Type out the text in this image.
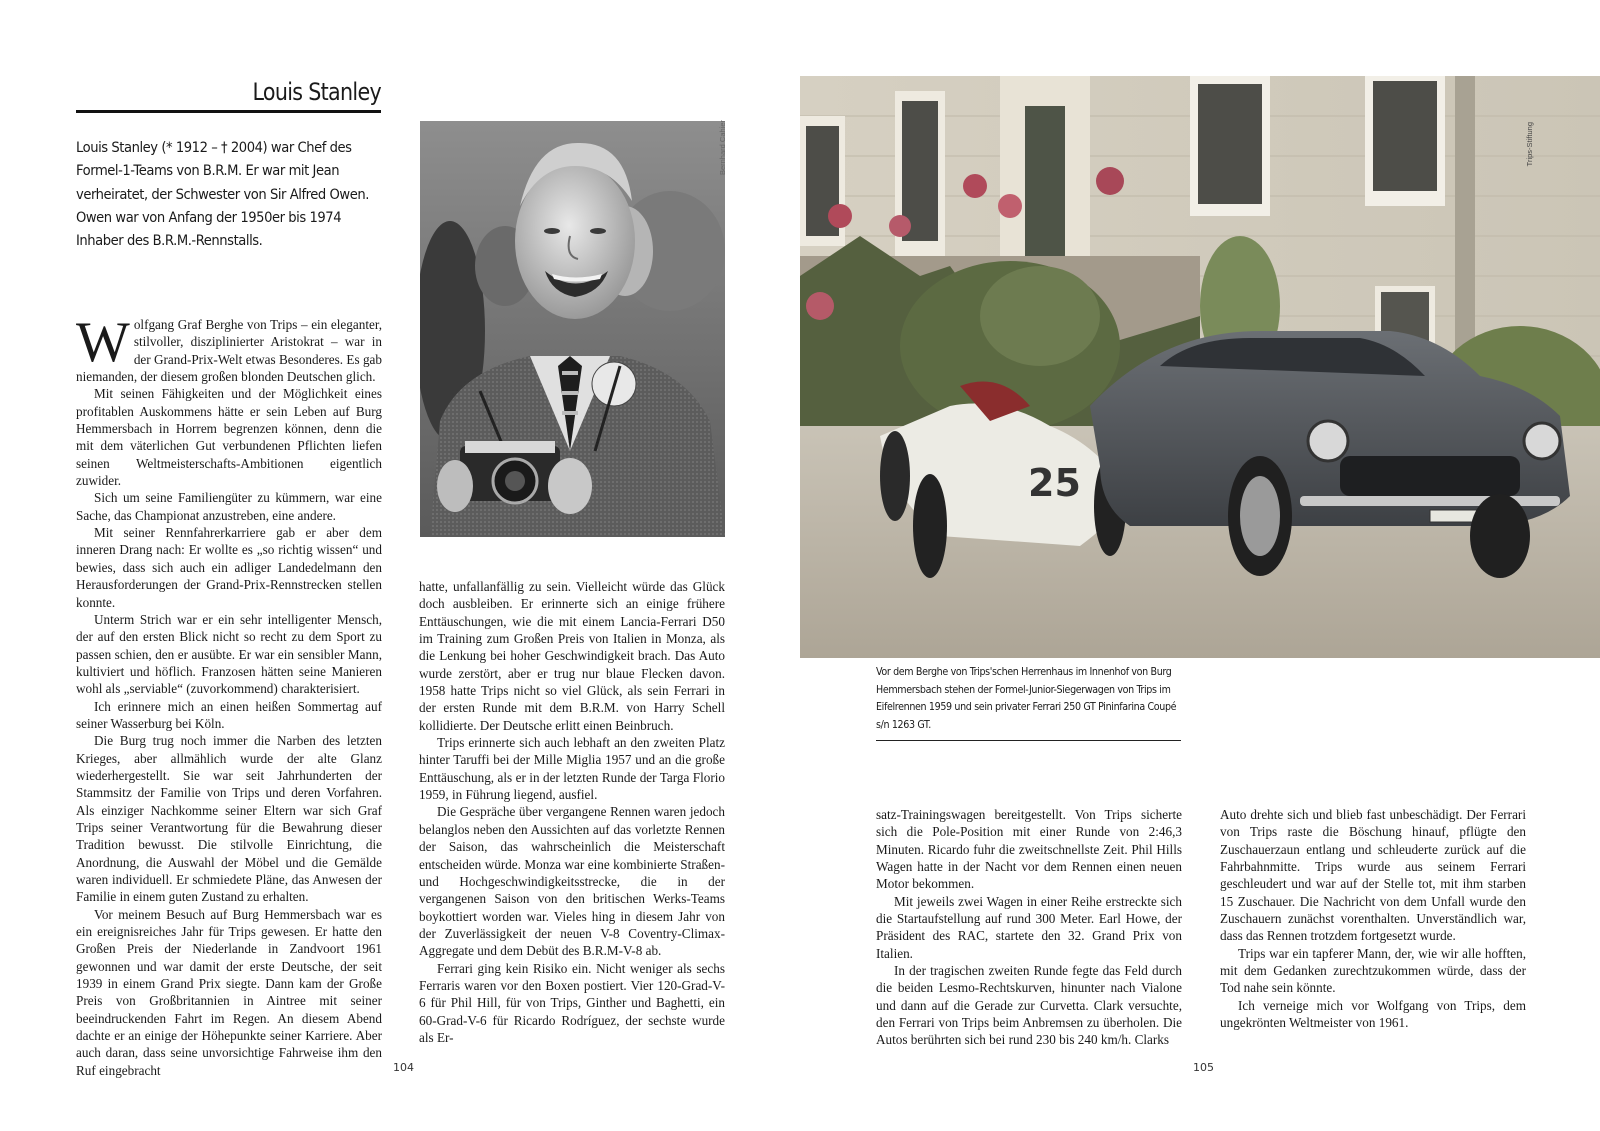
Louis Stanley

Louis Stanley (* 1912 – † 2004) war Chef des

Formel-1-Teams von B.R.M. Er war mit Jean

verheiratet, der Schwester von Sir Alfred Owen.

Owen war von Anfang der 1950er bis 1974

Inhaber des B.R.M.-Rennstalls.

Bernhard Cahier

Wolfgang Graf Berghe von Trips – ein eleganter, stilvoller, disziplinierter Aristokrat – war in der Grand-Prix-Welt etwas Besonderes. Es gab niemanden, der diesem großen blonden Deutschen glich.

Mit seinen Fähigkeiten und der Möglichkeit eines profitablen Auskommens hätte er sein Leben auf Burg Hemmersbach in Horrem begrenzen können, denn die mit dem väterlichen Gut verbundenen Pflichten liefen seinen Weltmeisterschafts-Ambitionen eigentlich zuwider.

Sich um seine Familiengüter zu kümmern, war eine Sache, das Championat anzustreben, eine andere.

Mit seiner Rennfahrerkarriere gab er aber dem inneren Drang nach: Er wollte es „so richtig wissen“ und bewies, dass sich auch ein adliger Landedelmann den Herausforderungen der Grand-Prix-Rennstrecken stellen konnte.

Unterm Strich war er ein sehr intelligenter Mensch, der auf den ersten Blick nicht so recht zu dem Sport zu passen schien, den er ausübte. Er war ein sensibler Mann, kultiviert und höflich. Franzosen hätten seine Manieren wohl als „serviable“ (zuvorkommend) charakterisiert.

Ich erinnere mich an einen heißen Sommertag auf seiner Wasserburg bei Köln.

Die Burg trug noch immer die Narben des letzten Krieges, aber allmählich wurde der alte Glanz wiederhergestellt. Sie war seit Jahrhunderten der Stammsitz der Familie von Trips und deren Vorfahren. Als einziger Nachkomme seiner Eltern war sich Graf Trips seiner Verantwortung für die Bewahrung dieser Tradition bewusst. Die stilvolle Einrichtung, die Anordnung, die Auswahl der Möbel und die Gemälde waren individuell. Er schmiedete Pläne, das Anwesen der Familie in einem guten Zustand zu erhalten.

Vor meinem Besuch auf Burg Hemmersbach war es ein ereignisreiches Jahr für Trips gewesen. Er hatte den Großen Preis der Niederlande in Zandvoort 1961 gewonnen und war damit der erste Deutsche, der seit 1939 in einem Grand Prix siegte. Dann kam der Große Preis von Großbritannien in Aintree mit seiner beeindruckenden Fahrt im Regen. An diesem Abend dachte er an einige der Höhepunkte seiner Karriere. Aber auch daran, dass seine unvorsichtige Fahrweise ihm den Ruf eingebracht

hatte, unfallanfällig zu sein. Vielleicht würde das Glück doch ausbleiben. Er erinnerte sich an einige frühere Enttäuschungen, wie die mit einem Lancia-Ferrari D50 im Training zum Großen Preis von Italien in Monza, als die Lenkung bei hoher Geschwindigkeit brach. Das Auto wurde zerstört, aber er trug nur blaue Flecken davon. 1958 hatte Trips nicht so viel Glück, als sein Ferrari in der ersten Runde mit dem B.R.M. von Harry Schell kollidierte. Der Deutsche erlitt einen Beinbruch.

Trips erinnerte sich auch lebhaft an den zweiten Platz hinter Taruffi bei der Mille Miglia 1957 und an die große Enttäuschung, als er in der letzten Runde der Targa Florio 1959, in Führung liegend, ausfiel.

Die Gespräche über vergangene Rennen waren jedoch belanglos neben den Aussichten auf das vorletzte Rennen der Saison, das wahrscheinlich die Meisterschaft entscheiden würde. Monza war eine kombinierte Straßen- und Hochgeschwindigkeitsstrecke, die in der vergangenen Saison von den britischen Werks-Teams boykottiert worden war. Vieles hing in diesem Jahr von der Zuverlässigkeit der neuen V-8 Coventry-Climax-Aggregate und dem Debüt des B.R.M-V-8 ab.

Ferrari ging kein Risiko ein. Nicht weniger als sechs Ferraris waren vor den Boxen postiert. Vier 120-Grad-V-6 für Phil Hill, für von Trips, Ginther und Baghetti, ein 60-Grad-V-6 für Ricardo Rodríguez, der sechste wurde als Er-

104
25
Trips-Stiftung
Vor dem Berghe von Trips'schen Herrenhaus im Innenhof von Burg Hemmersbach stehen der Formel-Junior-Siegerwagen von Trips im Eifelrennen 1959 und sein privater Ferrari 250 GT Pininfarina Coupé s/n 1263 GT.

satz-Trainingswagen bereitgestellt. Von Trips sicherte sich die Pole-Position mit einer Runde von 2:46,3 Minuten. Ricardo fuhr die zweitschnellste Zeit. Phil Hills Wagen hatte in der Nacht vor dem Rennen einen neuen Motor bekommen.

Mit jeweils zwei Wagen in einer Reihe erstreckte sich die Startaufstellung auf rund 300 Meter. Earl Howe, der Präsident des RAC, startete den 32. Grand Prix von Italien.

In der tragischen zweiten Runde fegte das Feld durch die beiden Lesmo-Rechtskurven, hinunter nach Vialone und dann auf die Gerade zur Curvetta. Clark versuchte, den Ferrari von Trips beim Anbremsen zu überholen. Die Autos berührten sich bei rund 230 bis 240 km/h. Clarks

Auto drehte sich und blieb fast unbeschädigt. Der Ferrari von Trips raste die Böschung hinauf, pflügte den Zuschauerzaun entlang und schleuderte zurück auf die Fahrbahnmitte. Trips wurde aus seinem Ferrari geschleudert und war auf der Stelle tot, mit ihm starben 15 Zuschauer. Die Nachricht von dem Unfall wurde den Zuschauern zunächst vorenthalten. Unverständlich war, dass das Rennen trotzdem fortgesetzt wurde.

Trips war ein tapferer Mann, der, wie wir alle hofften, mit dem Gedanken zurechtzukommen würde, dass der Tod nahe sein könnte.

Ich verneige mich vor Wolfgang von Trips, dem ungekrönten Weltmeister von 1961.

105
